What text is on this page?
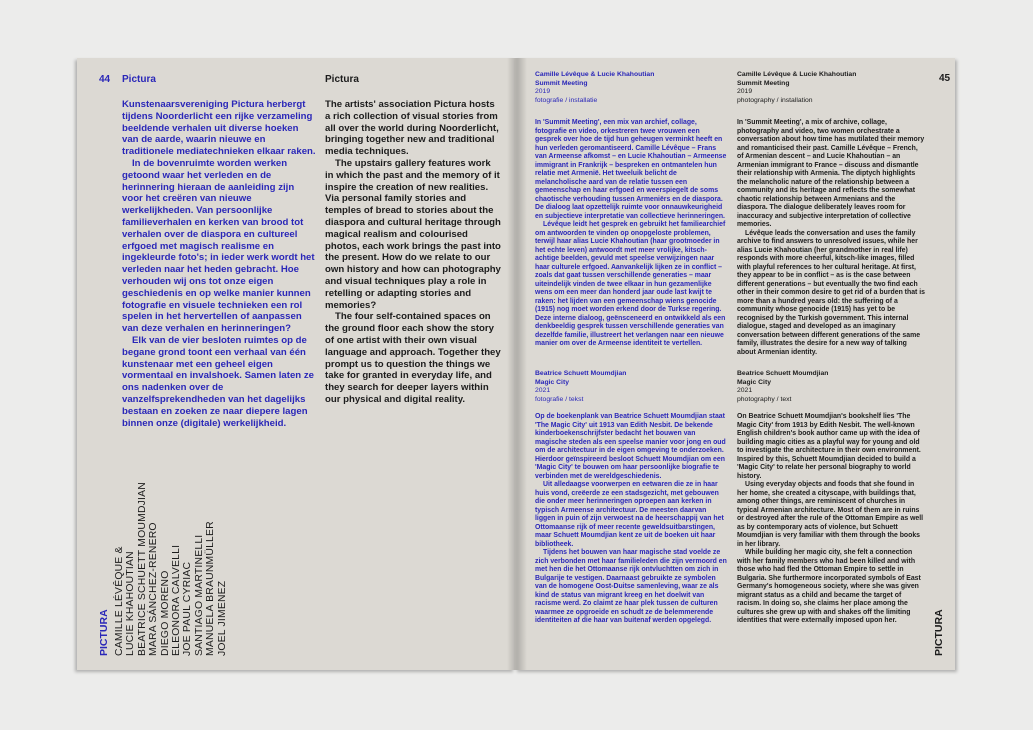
44 Pictura	Pictura

Kunstenaarsvereniging Pictura herbergt tijdens Noorderlicht een rijke verzameling beeldende verhalen uit diverse hoeken van de aarde, waarin nieuwe en traditionele mediatechnieken elkaar raken.

In de bovenruimte worden werken getoond waar het verleden en de herinnering hieraan de aanleiding zijn voor het creëren van nieuwe werkelijkheden. Van persoonlijke familieverhalen en kerken van brood tot verhalen over de diaspora en cultureel erfgoed met magisch realisme en ingekleurde foto's; in ieder werk wordt het verleden naar het heden gebracht. Hoe verhouden wij ons tot onze eigen geschiedenis en op welke manier kunnen fotografie en visuele technieken een rol spelen in het hervertellen of aanpassen van deze verhalen en herinneringen?

Elk van de vier besloten ruimtes op de begane grond toont een verhaal van één kunstenaar met een geheel eigen vormentaal en invalshoek. Samen laten ze ons nadenken over de vanzelfsprekendheden van het dagelijks bestaan en zoeken ze naar diepere lagen binnen onze (digitale) werkelijkheid.

The artists' association Pictura hosts a rich collection of visual stories from all over the world during Noorderlicht, bringing together new and traditional media techniques.

The upstairs gallery features work in which the past and the memory of it inspire the creation of new realities. Via personal family stories and temples of bread to stories about the diaspora and cultural heritage through magical realism and colourised photos, each work brings the past into the present. How do we relate to our own history and how can photography and visual techniques play a role in retelling or adapting stories and memories?

The four self-contained spaces on the ground floor each show the story of one artist with their own visual language and approach. Together they prompt us to question the things we take for granted in everyday life, and they search for deeper layers within our physical and digital reality.

PICTURA CAMILLE LÉVÊQUE & LUCIE KHAHOUTIAN BEATRICE SCHUETT MOUMDJIAN MARA SÁNCHEZ-RENERO DIEGO MORENO ELEONORA CALVELLI JOE PAUL CYRIAC SANTIAGO MARTINELLI MANUELA BRAUNMÜLLER JOEL JIMENEZ
45
Camille Lévêque & Lucie Khahoutian
Summit Meeting
2019
fotografie / installatie

In 'Summit Meeting', een mix van archief, collage, fotografie en video, orkestreren twee vrouwen een gesprek over hoe de tijd hun geheugen verminkt heeft en hun verleden geromantiseerd. Camille Lévêque – Frans van Armeense afkomst – en Lucie Khahoutian – Armeense immigrant in Frankrijk – bespreken en ontmantelen hun relatie met Armenië. Het tweeluik belicht de melancholische aard van de relatie tussen een gemeenschap en haar erfgoed en weerspiegelt de soms chaotische verhouding tussen Armeniërs en de diaspora. De dialoog laat opzettelijk ruimte voor onnauwkeurigheid en subjectieve interpretatie van collectieve herinneringen.

Lévêque leidt het gesprek en gebruikt het familiearchief om antwoorden te vinden op onopgeloste problemen, terwijl haar alias Lucie Khahoutian (haar grootmoeder in het echte leven) antwoordt met meer vrolijke, kitsch-achtige beelden, gevuld met speelse verwijzingen naar haar culturele erfgoed. Aanvankelijk lijken ze in conflict – zoals dat gaat tussen verschillende generaties – maar uiteindelijk vinden de twee elkaar in hun gezamenlijke wens om een meer dan honderd jaar oude last kwijt te raken: het lijden van een gemeenschap wiens genocide (1915) nog moet worden erkend door de Turkse regering. Deze interne dialoog, geënsceneerd en ontwikkeld als een denkbeeldig gesprek tussen verschillende generaties van dezelfde familie, illustreert het verlangen naar een nieuwe manier om over de Armeense identiteit te vertellen.

Camille Lévêque & Lucie Khahoutian
Summit Meeting
2019
photography / installation

In 'Summit Meeting', a mix of archive, collage, photography and video, two women orchestrate a conversation about how time has mutilated their memory and romanticised their past. Camille Lévêque – French, of Armenian descent – and Lucie Khahoutian – an Armenian immigrant to France – discuss and dismantle their relationship with Armenia. The diptych highlights the melancholic nature of the relationship between a community and its heritage and reflects the somewhat chaotic relationship between Armenians and the diaspora. The dialogue deliberately leaves room for inaccuracy and subjective interpretation of collective memories.

Lévêque leads the conversation and uses the family archive to find answers to unresolved issues, while her alias Lucie Khahoutian (her grandmother in real life) responds with more cheerful, kitsch-like images, filled with playful references to her cultural heritage. At first, they appear to be in conflict – as is the case between different generations – but eventually the two find each other in their common desire to get rid of a burden that is more than a hundred years old: the suffering of a community whose genocide (1915) has yet to be recognised by the Turkish government. This internal dialogue, staged and developed as an imaginary conversation between different generations of the same family, illustrates the desire for a new way of talking about Armenian identity.

Beatrice Schuett Moumdjian
Magic City
2021
fotografie / tekst

Op de boekenplank van Beatrice Schuett Moumdjian staat 'The Magic City' uit 1913 van Edith Nesbit. De bekende kinderboekenschrijfster bedacht het bouwen van magische steden als een speelse manier voor jong en oud om de architectuur in de eigen omgeving te onderzoeken. Hierdoor geïnspireerd besloot Schuett Moumdjian om een 'Magic City' te bouwen om haar persoonlijke biografie te verbinden met de wereldgeschiedenis.

Uit alledaagse voorwerpen en eetwaren die ze in haar huis vond, creëerde ze een stadsgezicht, met gebouwen die onder meer herinneringen oproepen aan kerken in typisch Armeense architectuur. De meesten daarvan liggen in puin of zijn verwoest na de heerschappij van het Ottomaanse rijk of meer recente geweldsuitbarstingen, maar Schuett Moumdjian kent ze uit de boeken uit haar bibliotheek.

Tijdens het bouwen van haar magische stad voelde ze zich verbonden met haar familieleden die zijn vermoord en met hen die het Ottomaanse rijk ontvluchtten om zich in Bulgarije te vestigen. Daarnaast gebruikte ze symbolen van de homogene Oost-Duitse samenleving, waar ze als kind de status van migrant kreeg en het doelwit van racisme werd. Zo claimt ze haar plek tussen de culturen waarmee ze opgroeide en schudt ze de belemmerende identiteiten af die haar van buitenaf werden opgelegd.

Beatrice Schuett Moumdjian
Magic City
2021
photography / text

On Beatrice Schuett Moumdjian's bookshelf lies 'The Magic City' from 1913 by Edith Nesbit. The well-known English children's book author came up with the idea of building magic cities as a playful way for young and old to investigate the architecture in their own environment. Inspired by this, Schuett Moumdjian decided to build a 'Magic City' to relate her personal biography to world history.

Using everyday objects and foods that she found in her home, she created a cityscape, with buildings that, among other things, are reminiscent of churches in typical Armenian architecture. Most of them are in ruins or destroyed after the rule of the Ottoman Empire as well as by contemporary acts of violence, but Schuett Moumdjian is very familiar with them through the books in her library.

While building her magic city, she felt a connection with her family members who had been killed and with those who had fled the Ottoman Empire to settle in Bulgaria. She furthermore incorporated symbols of East Germany's homogeneous society, where she was given migrant status as a child and became the target of racism. In doing so, she claims her place among the cultures she grew up with and shakes off the limiting identities that were externally imposed upon her.	PICTURA
